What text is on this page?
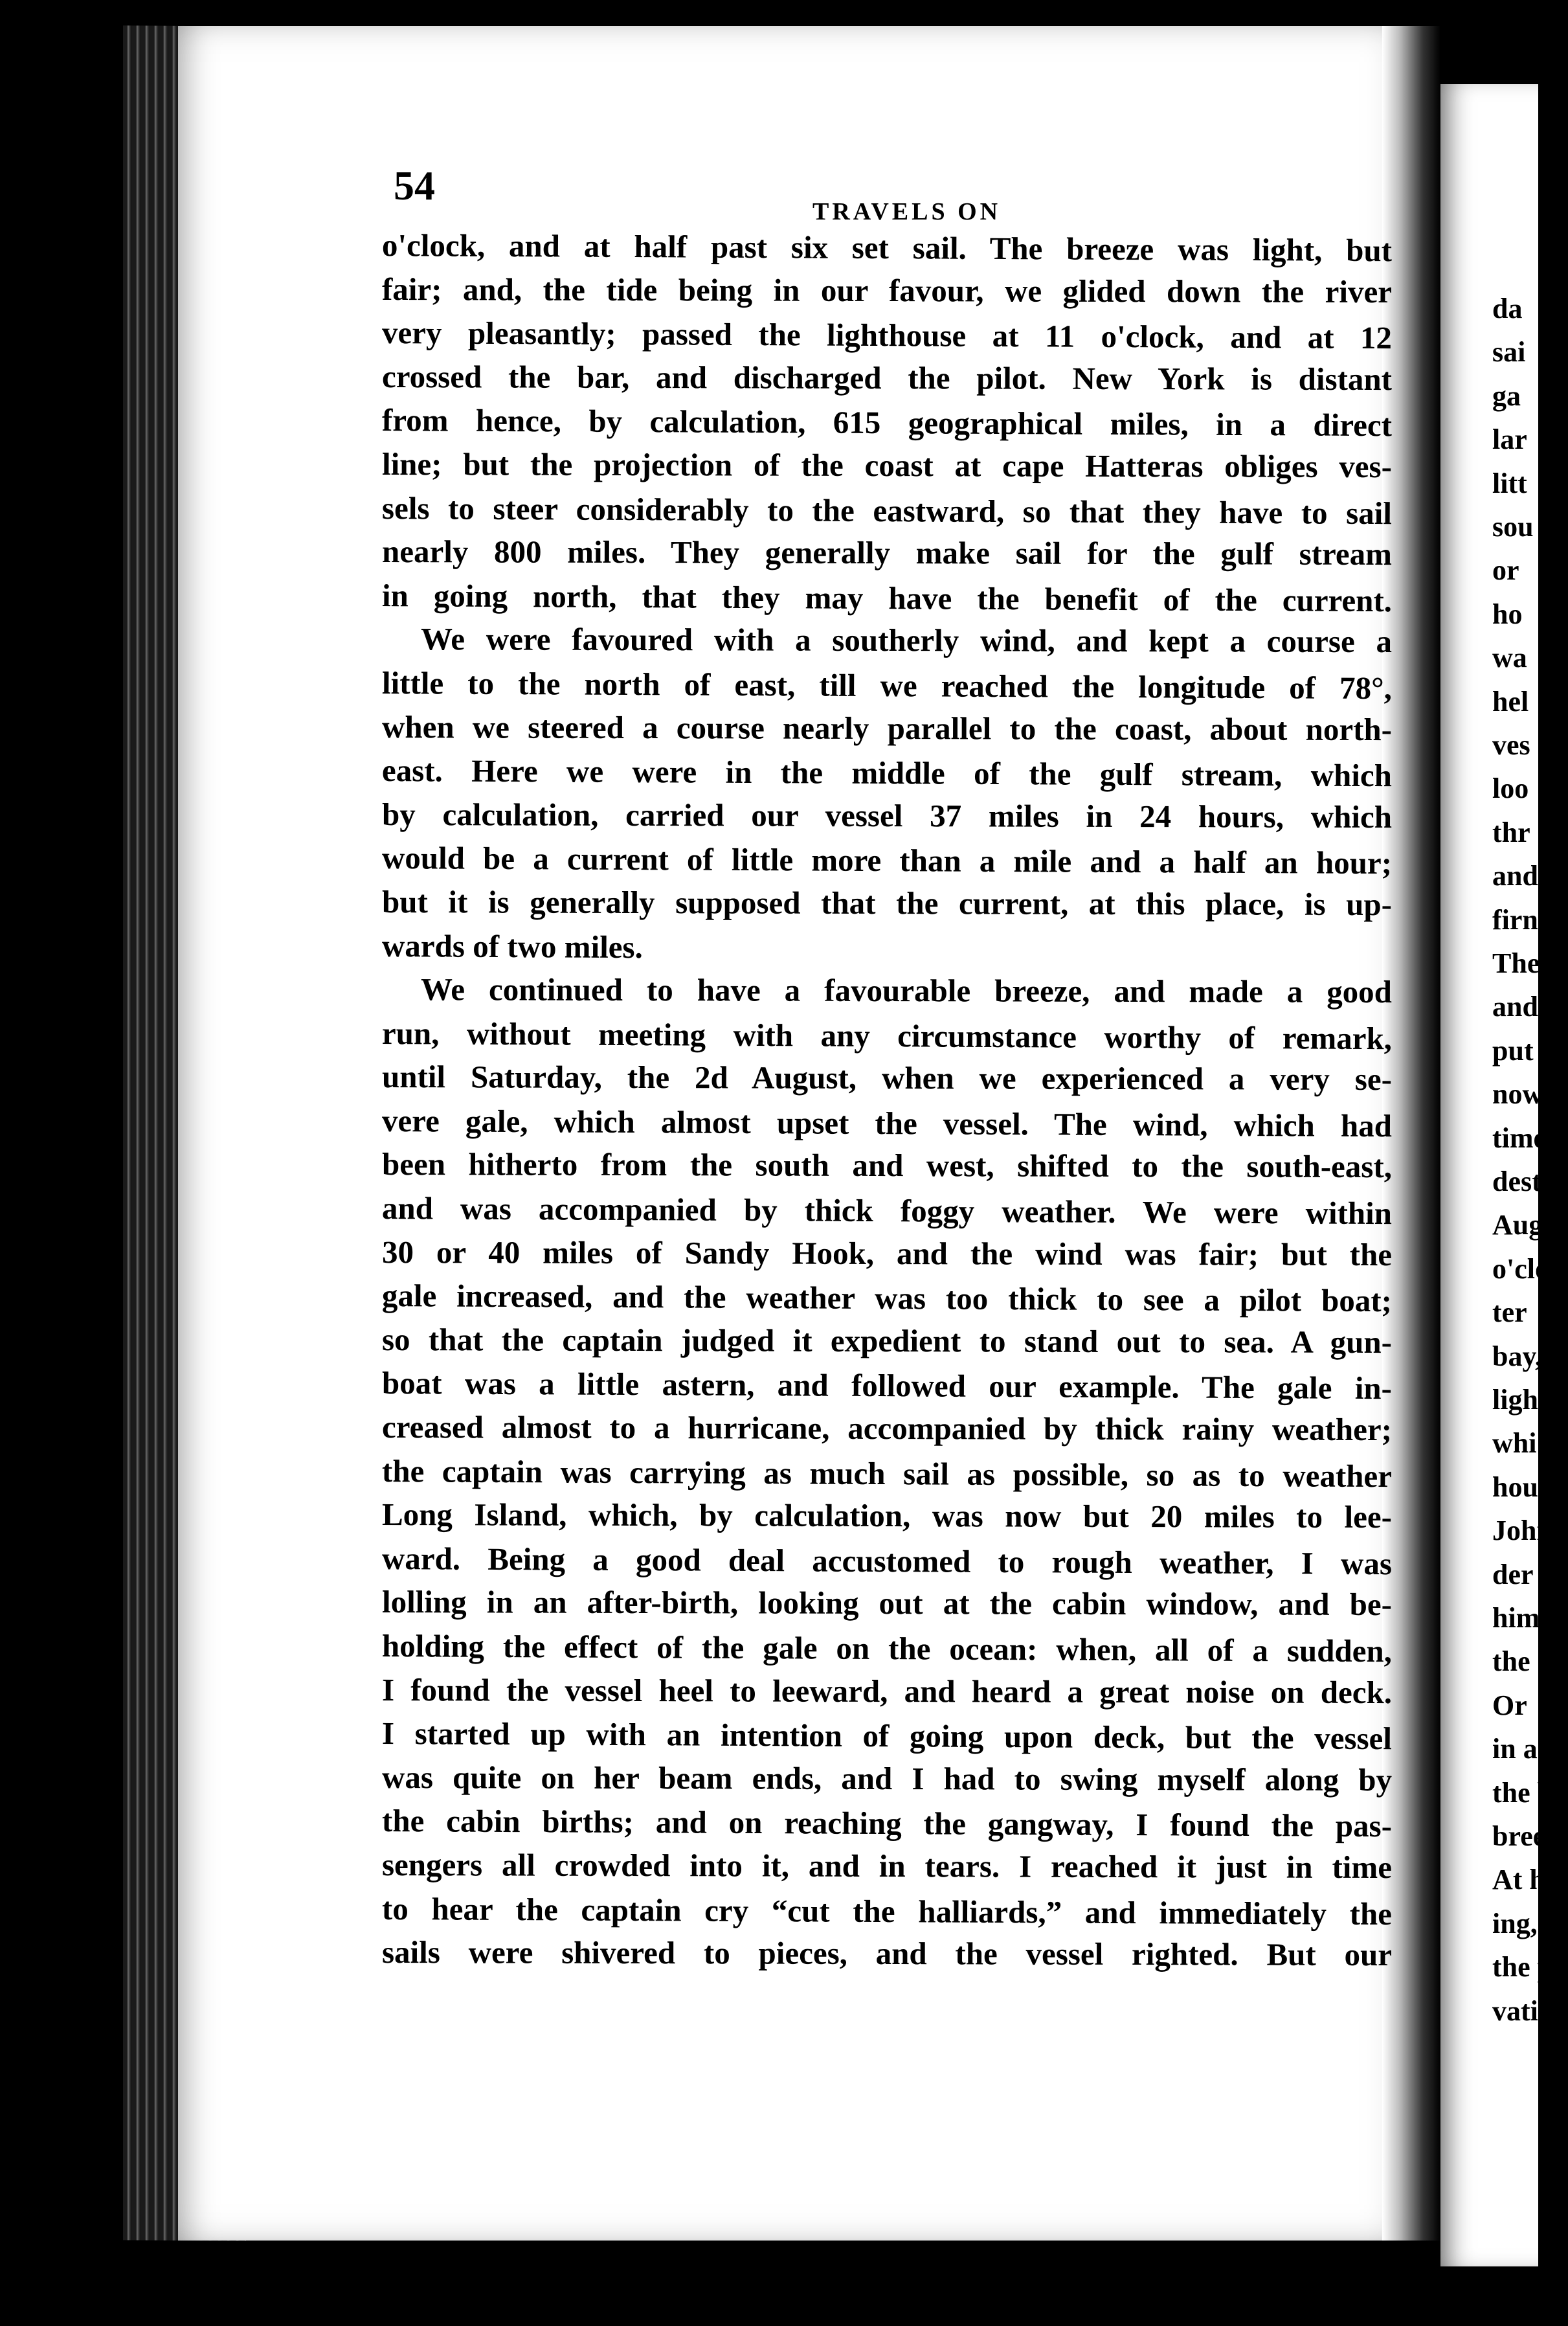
54
TRAVELS ON
o'clock, and at half past six set sail. The breeze was light, but
fair; and, the tide being in our favour, we glided down the river
very pleasantly; passed the lighthouse at 11 o'clock, and at 12
crossed the bar, and discharged the pilot. New York is distant
from hence, by calculation, 615 geographical miles, in a direct
line; but the projection of the coast at cape Hatteras obliges ves-
sels to steer considerably to the eastward, so that they have to sail
nearly 800 miles. They generally make sail for the gulf stream
in going north, that they may have the benefit of the current.
We were favoured with a southerly wind, and kept a course a
little to the north of east, till we reached the longitude of 78°,
when we steered a course nearly parallel to the coast, about north-
east. Here we were in the middle of the gulf stream, which
by calculation, carried our vessel 37 miles in 24 hours, which
would be a current of little more than a mile and a half an hour;
but it is generally supposed that the current, at this place, is up-
wards of two miles.
We continued to have a favourable breeze, and made a good
run, without meeting with any circumstance worthy of remark,
until Saturday, the 2d August, when we experienced a very se-
vere gale, which almost upset the vessel. The wind, which had
been hitherto from the south and west, shifted to the south-east,
and was accompanied by thick foggy weather. We were within
30 or 40 miles of Sandy Hook, and the wind was fair; but the
gale increased, and the weather was too thick to see a pilot boat;
so that the captain judged it expedient to stand out to sea. A gun-
boat was a little astern, and followed our example. The gale in-
creased almost to a hurricane, accompanied by thick rainy weather;
the captain was carrying as much sail as possible, so as to weather
Long Island, which, by calculation, was now but 20 miles to lee-
ward. Being a good deal accustomed to rough weather, I was
lolling in an after-birth, looking out at the cabin window, and be-
holding the effect of the gale on the ocean: when, all of a sudden,
I found the vessel heel to leeward, and heard a great noise on deck.
I started up with an intention of going upon deck, but the vessel
was quite on her beam ends, and I had to swing myself along by
the cabin births; and on reaching the gangway, I found the pas-
sengers all crowded into it, and in tears. I reached it just in time
to hear the captain cry “cut the halliards,” and immediately the
sails were shivered to pieces, and the vessel righted. But our
da
sai
ga
lar
litt
sou
or
ho
wa
hel
ves
loo
thr
and
firn
The
and
put
now
time
dest
Aug
o'clo
ter
bay,
light
whi
hous
John
der ;
hims
the c
Or
in a s
the b
breez
At ha
ing, v
the pr
vation
